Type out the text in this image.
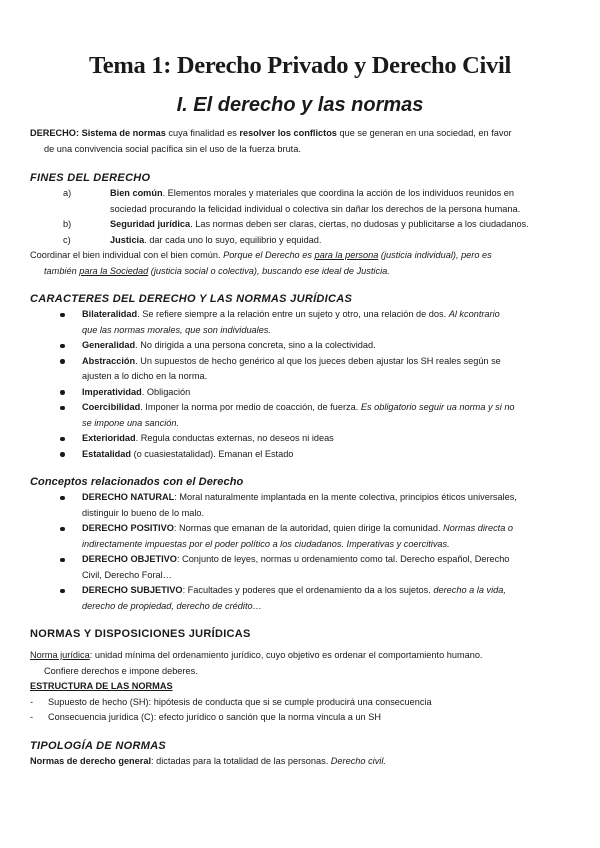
Tema 1: Derecho Privado y Derecho Civil
I. El derecho y las normas

DERECHO: Sistema de normas cuya finalidad es resolver los conflictos que se generan en una sociedad, en favor

de una convivencia social pacífica sin el uso de la fuerza bruta.

FINES DEL DERECHO
a)	Bien común. Elementos morales y materiales que coordina la acción de los individuos reunidos en
sociedad procurando la felicidad individual o colectiva sin dañar los derechos de la persona humana.
b)	Seguridad jurídica. Las normas deben ser claras, ciertas, no dudosas y publicitarse a los ciudadanos.
c)	Justicia. dar cada uno lo suyo, equilibrio y equidad.

Coordinar el bien individual con el bien común. Porque el Derecho es para la persona (justicia individual), pero es

también para la Sociedad (justicia social o colectiva), buscando ese ideal de Justicia.

CARACTERES DEL DERECHO Y LAS NORMAS JURÍDICAS
Bilateralidad. Se refiere siempre a la relación entre un sujeto y otro, una relación de dos. Al kcontrario
que las normas morales, que son individuales.
Generalidad. No dirigida a una persona concreta, sino a la colectividad.
Abstracción. Un supuestos de hecho genérico al que los jueces deben ajustar los SH reales según se
ajusten a lo dicho en la norma.
Imperatividad. Obligación
Coercibilidad. Imponer la norma por medio de coacción, de fuerza. Es obligatorio seguir ua norma y si no
se impone una sanción.
Exterioridad. Regula conductas externas, no deseos ni ideas
Estatalidad (o cuasiestatalidad). Emanan el Estado
Conceptos relacionados con el Derecho
DERECHO NATURAL: Moral naturalmente implantada en la mente colectiva, principios éticos universales,
distinguir lo bueno de lo malo.
DERECHO POSITIVO: Normas que emanan de la autoridad, quien dirige la comunidad. Normas directa o
indirectamente impuestas por el poder político a los ciudadanos. Imperativas y coercitivas.
DERECHO OBJETIVO: Conjunto de leyes, normas u ordenamiento como tal. Derecho español, Derecho
Civil, Derecho Foral…
DERECHO SUBJETIVO: Facultades y poderes que el ordenamiento da a los sujetos. derecho a la vida,
derecho de propiedad, derecho de crédito…
NORMAS Y DISPOSICIONES JURÍDICAS

Norma jurídica: unidad mínima del ordenamiento jurídico, cuyo objetivo es ordenar el comportamiento humano.

Confiere derechos e impone deberes.

ESTRUCTURA DE LAS NORMAS

- Supuesto de hecho (SH): hipótesis de conducta que si se cumple producirá una consecuencia
- Consecuencia jurídica (C): efecto jurídico o sanción que la norma vincula a un SH
TIPOLOGÍA DE NORMAS

Normas de derecho general: dictadas para la totalidad de las personas. Derecho civil.
